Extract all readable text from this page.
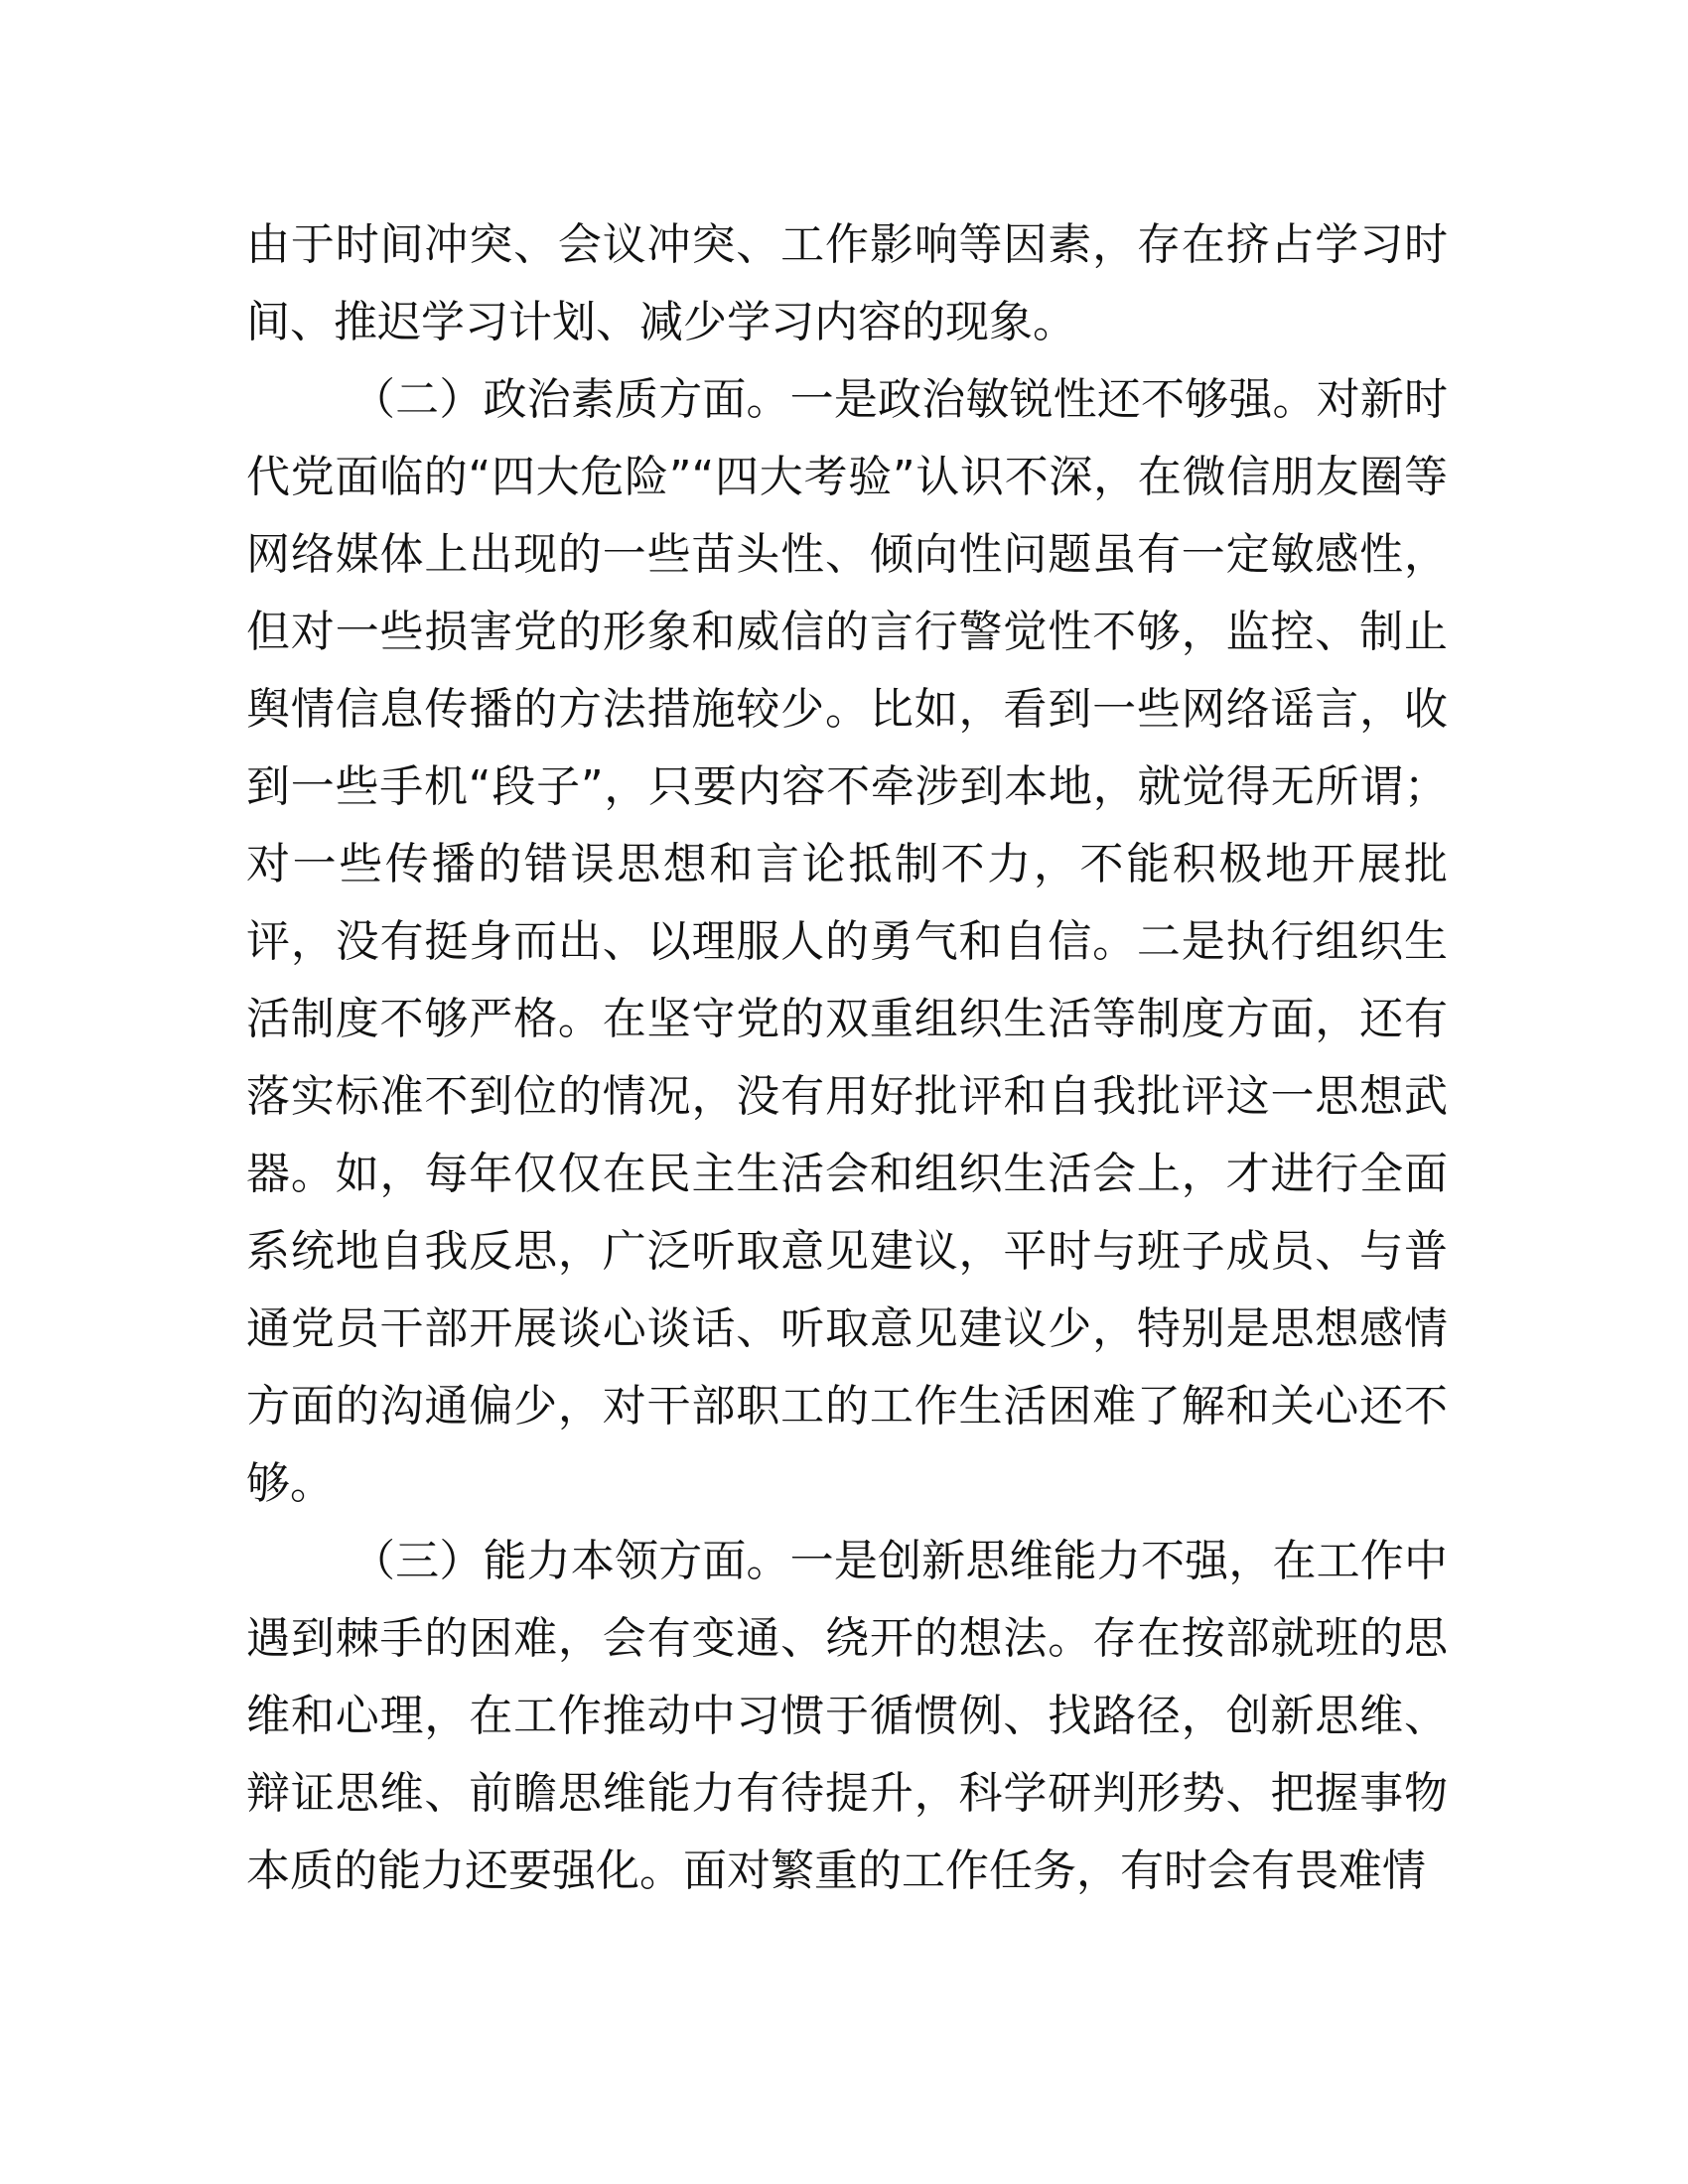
由于时间冲突、会议冲突、工作影响等因素，存在挤占学习时间、推迟学习计划、减少学习内容的现象。

（二）政治素质方面。一是政治敏锐性还不够强。对新时代党面临的“四大危险”“四大考验”认识不深，在微信朋友圈等网络媒体上出现的一些苗头性、倾向性问题虽有一定敏感性，但对一些损害党的形象和威信的言行警觉性不够，监控、制止舆情信息传播的方法措施较少。比如，看到一些网络谣言，收到一些手机“段子”，只要内容不牵涉到本地，就觉得无所谓；对一些传播的错误思想和言论抵制不力，不能积极地开展批评，没有挺身而出、以理服人的勇气和自信。二是执行组织生活制度不够严格。在坚守党的双重组织生活等制度方面，还有落实标准不到位的情况，没有用好批评和自我批评这一思想武器。如，每年仅仅在民主生活会和组织生活会上，才进行全面系统地自我反思，广泛听取意见建议，平时与班子成员、与普通党员干部开展谈心谈话、听取意见建议少，特别是思想感情方面的沟通偏少，对干部职工的工作生活困难了解和关心还不够。

（三）能力本领方面。一是创新思维能力不强，在工作中遇到棘手的困难，会有变通、绕开的想法。存在按部就班的思维和心理，在工作推动中习惯于循惯例、找路径，创新思维、辩证思维、前瞻思维能力有待提升，科学研判形势、把握事物本质的能力还要强化。面对繁重的工作任务，有时会有畏难情
